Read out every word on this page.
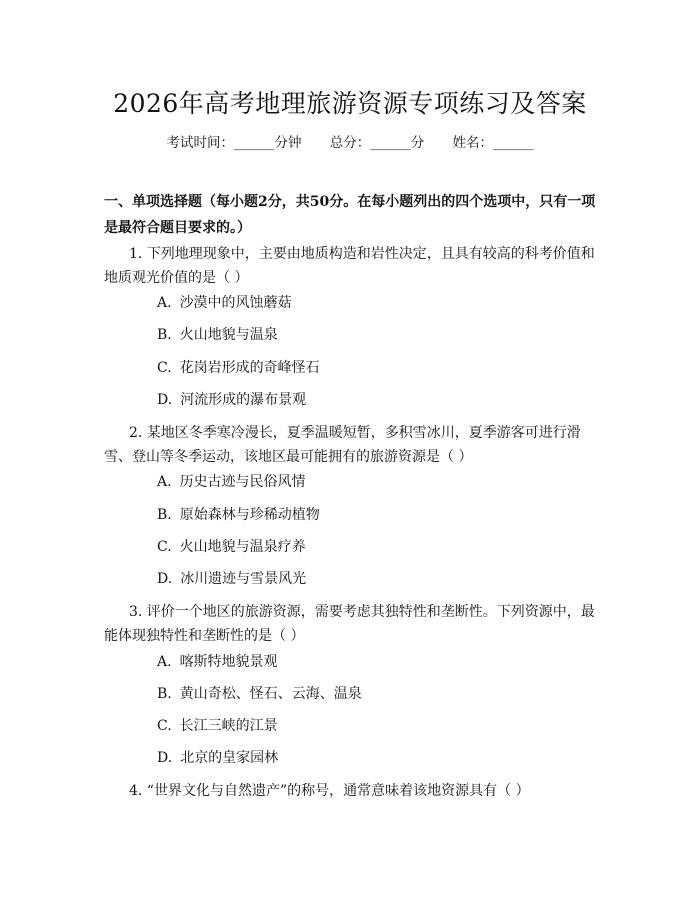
2026年高考地理旅游资源专项练习及答案
考试时间：______分钟 总分：______分 姓名：______
一、单项选择题（每小题2分，共50分。在每小题列出的四个选项中，只有一项是最符合题目要求的。）
1. 下列地理现象中，主要由地质构造和岩性决定，且具有较高的科考价值和地质观光价值的是（ ）
A. 沙漠中的风蚀蘑菇
B. 火山地貌与温泉
C. 花岗岩形成的奇峰怪石
D. 河流形成的瀑布景观
2. 某地区冬季寒冷漫长，夏季温暖短暂，多积雪冰川，夏季游客可进行滑雪、登山等冬季运动，该地区最可能拥有的旅游资源是（ ）
A. 历史古迹与民俗风情
B. 原始森林与珍稀动植物
C. 火山地貌与温泉疗养
D. 冰川遗迹与雪景风光
3. 评价一个地区的旅游资源，需要考虑其独特性和垄断性。下列资源中，最能体现独特性和垄断性的是（ ）
A. 喀斯特地貌景观
B. 黄山奇松、怪石、云海、温泉
C. 长江三峡的江景
D. 北京的皇家园林
4. “世界文化与自然遗产”的称号，通常意味着该地资源具有（ ）
